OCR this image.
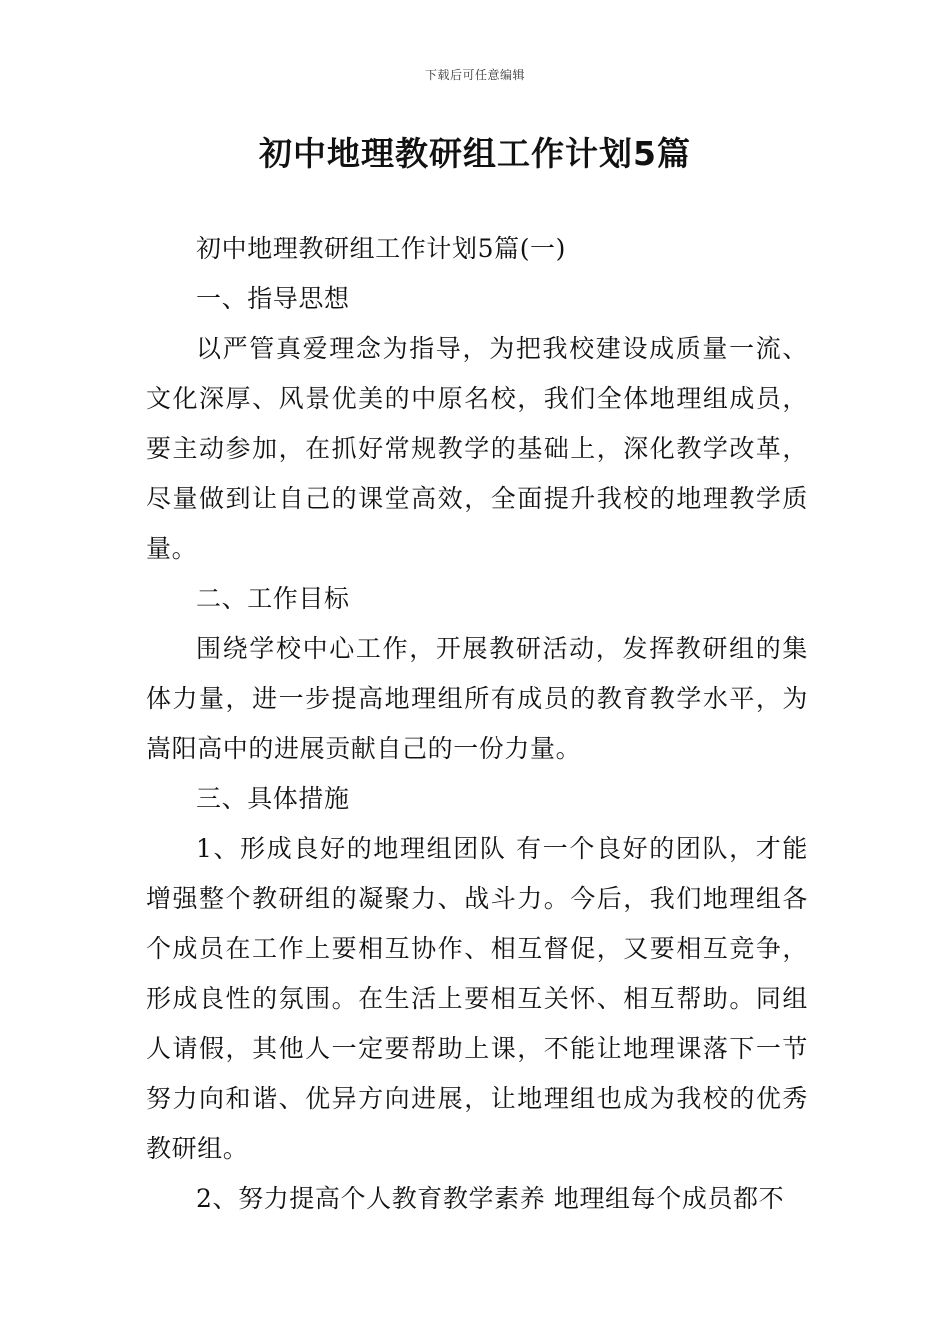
下载后可任意编辑
初中地理教研组工作计划5篇

初中地理教研组工作计划5篇(一)

一、指导思想

以严管真爱理念为指导，为把我校建设成质量一流、文化深厚、风景优美的中原名校，我们全体地理组成员，要主动参加，在抓好常规教学的基础上，深化教学改革，尽量做到让自己的课堂高效，全面提升我校的地理教学质量。

二、工作目标

围绕学校中心工作，开展教研活动，发挥教研组的集体力量，进一步提高地理组所有成员的教育教学水平，为嵩阳高中的进展贡献自己的一份力量。

三、具体措施

1、形成良好的地理组团队 有一个良好的团队，才能增强整个教研组的凝聚力、战斗力。今后，我们地理组各个成员在工作上要相互协作、相互督促，又要相互竞争，形成良性的氛围。在生活上要相互关怀、相互帮助。同组人请假，其他人一定要帮助上课，不能让地理课落下一节努力向和谐、优异方向进展，让地理组也成为我校的优秀教研组。

2、努力提高个人教育教学素养 地理组每个成员都不
